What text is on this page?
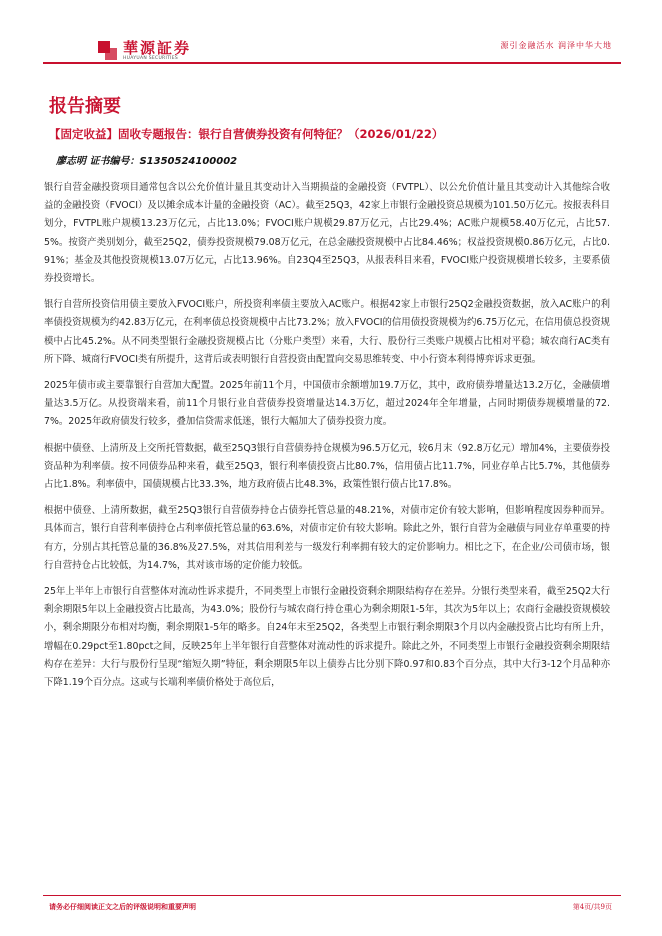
華源証券
HUAYUAN SECURITIES
源引金融活水 润泽中华大地
报告摘要
【固定收益】固收专题报告：银行自营债券投资有何特征？（2026/01/22）
廖志明 证书编号：S1350524100002

银行自营金融投资项目通常包含以公允价值计量且其变动计入当期损益的金融投资（FVTPL）、以公允价值计量且其变动计入其他综合收益的金融投资（FVOCI）及以摊余成本计量的金融投资（AC）。截至25Q3，42家上市银行金融投资总规模为101.50万亿元。按报表科目划分，FVTPL账户规模13.23万亿元，占比13.0%；FVOCI账户规模29.87万亿元，占比29.4%；AC账户规模58.40万亿元，占比57.5%。按资产类别划分，截至25Q2，债券投资规模79.08万亿元，在总金融投资规模中占比84.46%；权益投资规模0.86万亿元，占比0.91%；基金及其他投资规模13.07万亿元，占比13.96%。自23Q4至25Q3，从报表科目来看，FVOCI账户投资规模增长较多，主要系债券投资增长。

银行自营所投资信用债主要放入FVOCI账户，所投资利率债主要放入AC账户。根据42家上市银行25Q2金融投资数据，放入AC账户的利率债投资规模为约42.83万亿元，在利率债总投资规模中占比73.2%；放入FVOCI的信用债投资规模为约6.75万亿元，在信用债总投资规模中占比45.2%。从不同类型银行金融投资规模占比（分账户类型）来看，大行、股份行三类账户规模占比相对平稳；城农商行AC类有所下降、城商行FVOCI类有所提升，这背后或表明银行自营投资由配置向交易思维转变、中小行资本利得博弈诉求更强。

2025年债市或主要靠银行自营加大配置。2025年前11个月，中国债市余额增加19.7万亿，其中，政府债券增量达13.2万亿，金融债增量达3.5万亿。从投资端来看，前11个月银行业自营债券投资增量达14.3万亿，超过2024年全年增量，占同时期债券规模增量的72.7%。2025年政府债发行较多，叠加信贷需求低迷，银行大幅加大了债券投资力度。

根据中债登、上清所及上交所托管数据，截至25Q3银行自营债券持仓规模为96.5万亿元，较6月末（92.8万亿元）增加4%，主要债券投资品种为利率债。按不同债券品种来看，截至25Q3，银行利率债投资占比80.7%，信用债占比11.7%，同业存单占比5.7%，其他债券占比1.8%。利率债中，国债规模占比33.3%，地方政府债占比48.3%，政策性银行债占比17.8%。

根据中债登、上清所数据，截至25Q3银行自营债券持仓占债券托管总量的48.21%，对债市定价有较大影响，但影响程度因券种而异。具体而言，银行自营利率债持仓占利率债托管总量的63.6%，对债市定价有较大影响。除此之外，银行自营为金融债与同业存单重要的持有方，分别占其托管总量的36.8%及27.5%，对其信用利差与一级发行利率拥有较大的定价影响力。相比之下，在企业/公司债市场，银行自营持仓占比较低，为14.7%，其对该市场的定价能力较低。

25年上半年上市银行自营整体对流动性诉求提升，不同类型上市银行金融投资剩余期限结构存在差异。分银行类型来看，截至25Q2大行剩余期限5年以上金融投资占比最高，为43.0%；股份行与城农商行持仓重心为剩余期限1-5年，其次为5年以上；农商行金融投资规模较小，剩余期限分布相对均衡，剩余期限1-5年的略多。自24年末至25Q2，各类型上市银行剩余期限3个月以内金融投资占比均有所上升，增幅在0.29pct至1.80pct之间，反映25年上半年银行自营整体对流动性的诉求提升。除此之外，不同类型上市银行金融投资剩余期限结构存在差异：大行与股份行呈现“缩短久期”特征，剩余期限5年以上债券占比分别下降0.97和0.83个百分点，其中大行3-12个月品种亦下降1.19个百分点。这或与长端利率债价格处于高位后，

请务必仔细阅读正文之后的评级说明和重要声明	第4页/共9页
